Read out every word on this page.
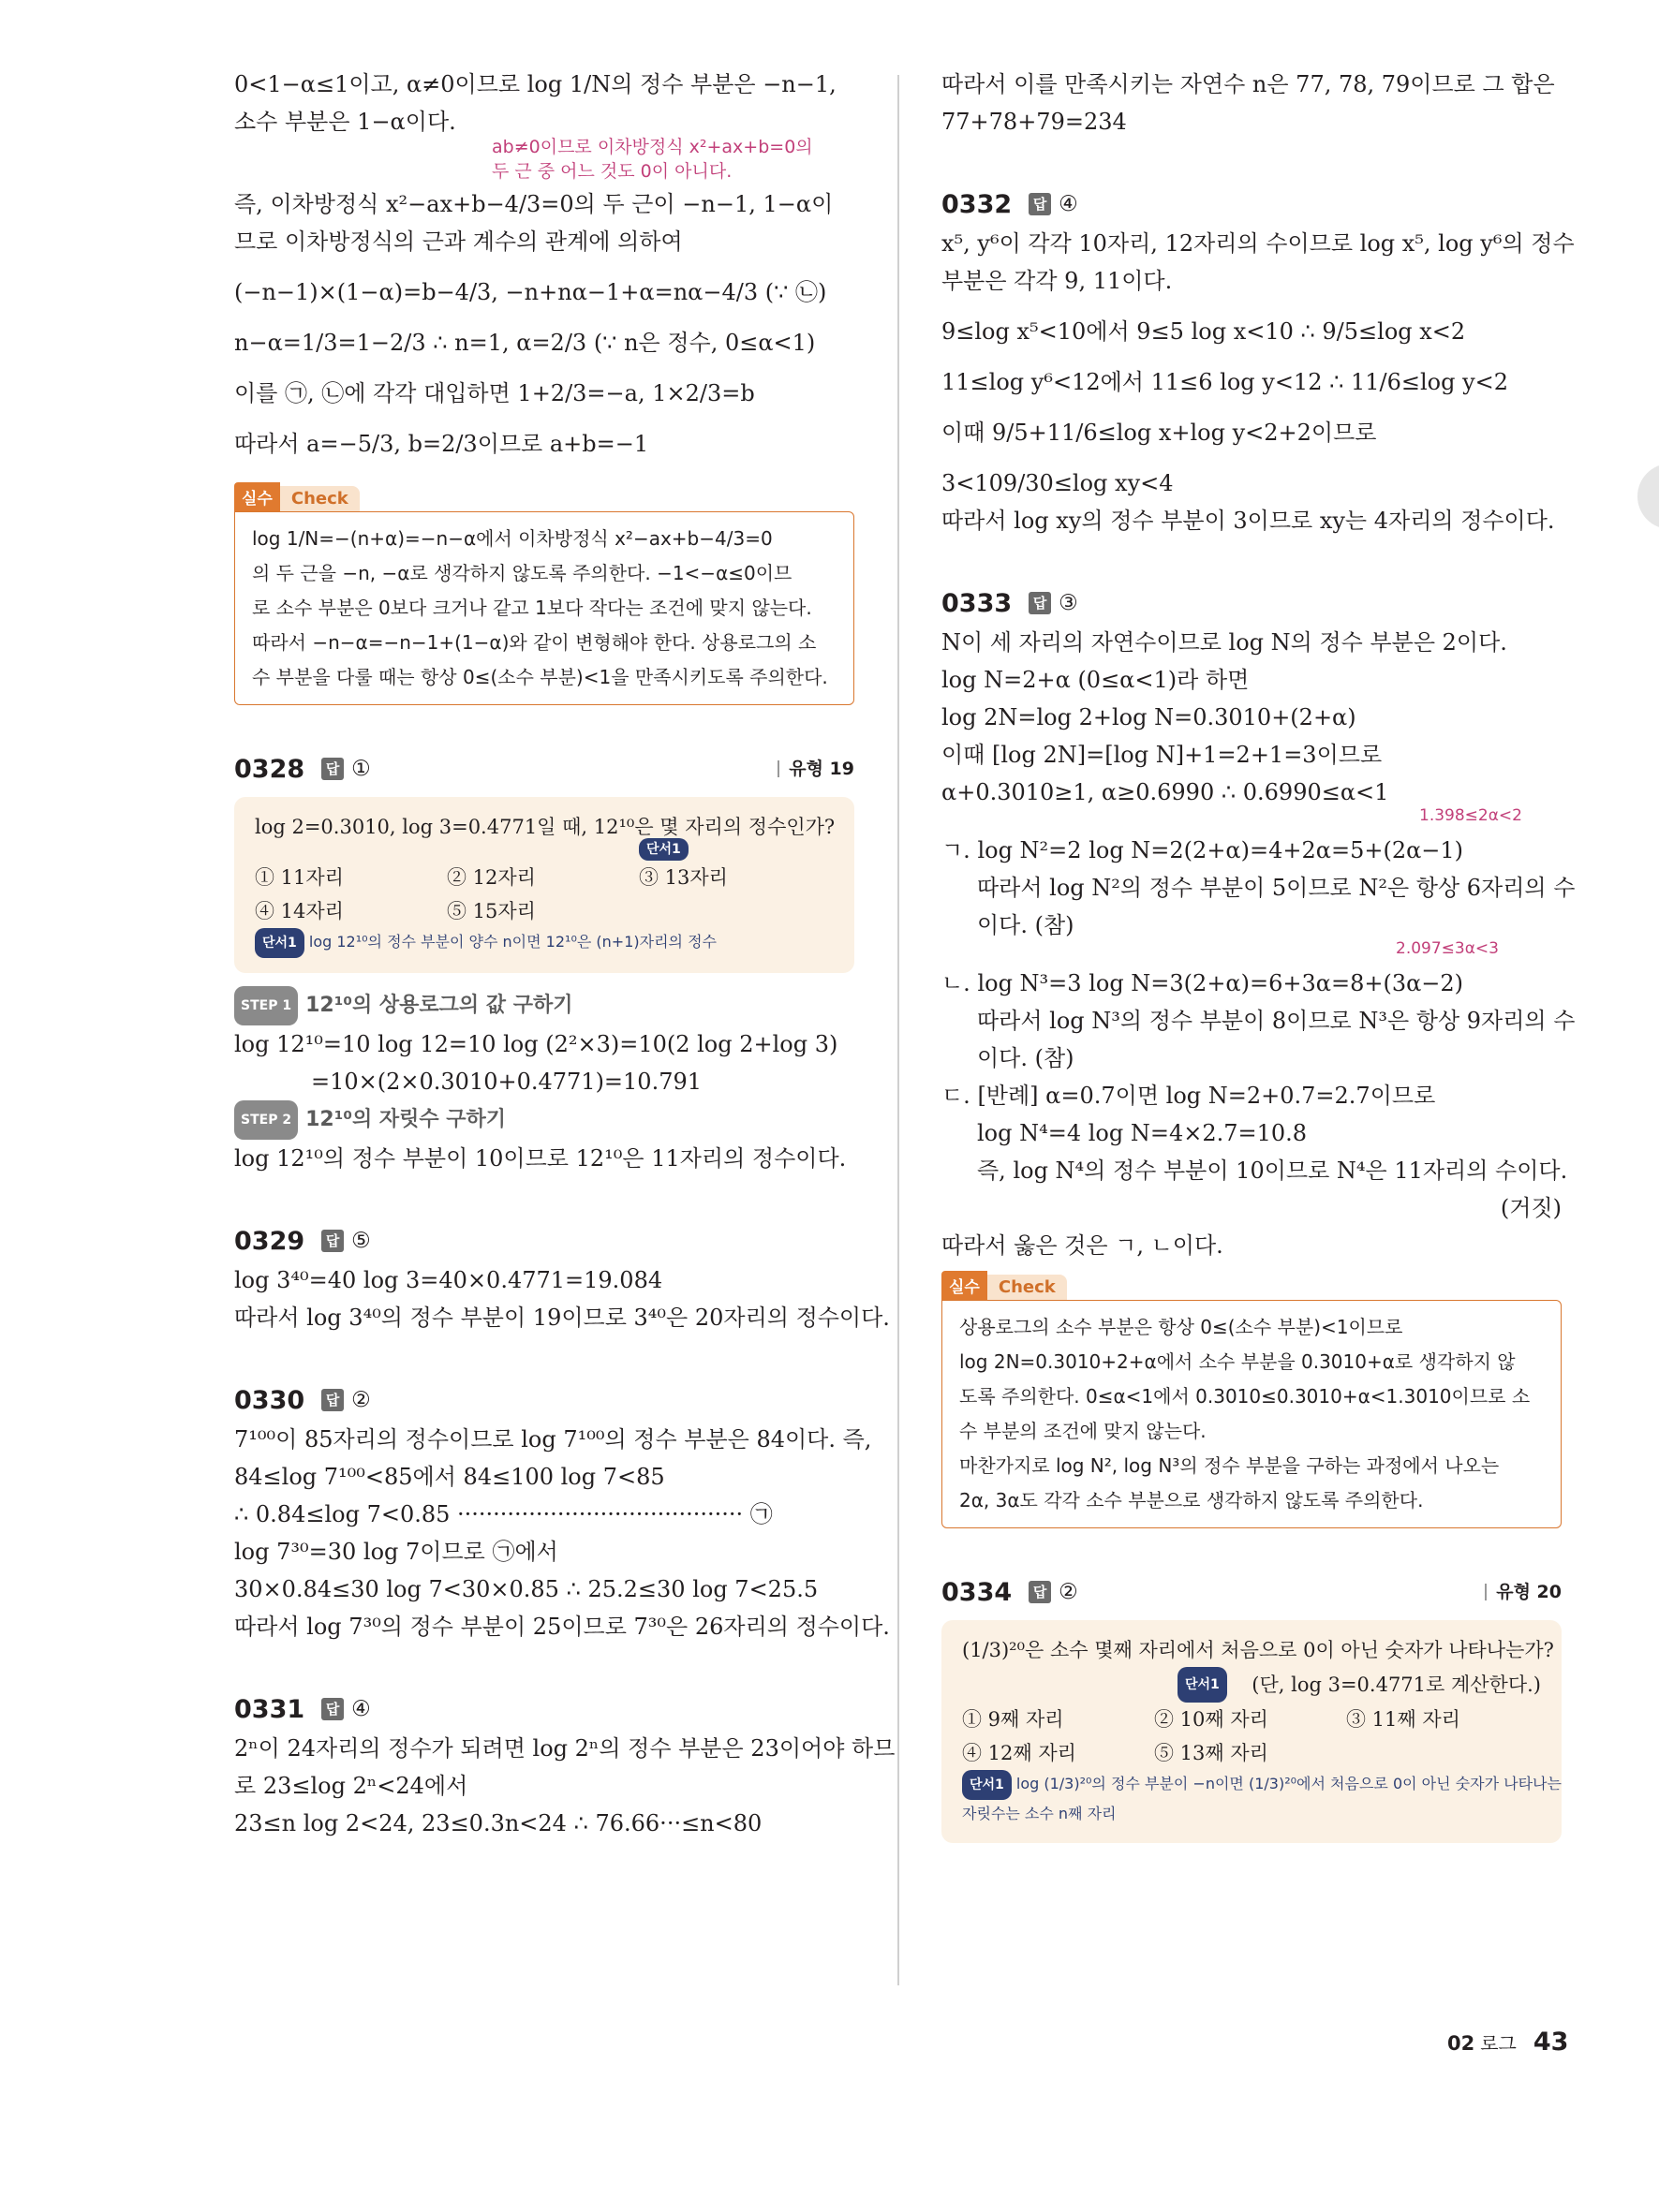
0<1−α≤1이고, α≠0이므로 log 1/N의 정수 부분은 −n−1,

소수 부분은 1−α이다.

ab≠0이므로 이차방정식 x²+ax+b=0의
두 근 중 어느 것도 0이 아니다.

즉, 이차방정식 x²−ax+b−4/3=0의 두 근이 −n−1, 1−α이

므로 이차방정식의 근과 계수의 관계에 의하여

(−n−1)×(1−α)=b−4/3, −n+nα−1+α=nα−4/3 (∵ ㉡)

n−α=1/3=1−2/3 ∴ n=1, α=2/3 (∵ n은 정수, 0≤α<1)

이를 ㉠, ㉡에 각각 대입하면 1+2/3=−a, 1×2/3=b

따라서 a=−5/3, b=2/3이므로 a+b=−1

실수	Check

log 1/N=−(n+α)=−n−α에서 이차방정식 x²−ax+b−4/3=0

의 두 근을 −n, −α로 생각하지 않도록 주의한다. −1<−α≤0이므

로 소수 부분은 0보다 크거나 같고 1보다 작다는 조건에 맞지 않는다.

따라서 −n−α=−n−1+(1−α)와 같이 변형해야 한다. 상용로그의 소

수 부분을 다룰 때는 항상 0≤(소수 부분)<1을 만족시키도록 주의한다.

0328	답 ①	유형 19

log 2=0.3010, log 3=0.4771일 때, 12¹⁰은 몇 자리의 정수인가?

단서1
① 11자리	② 12자리	③ 13자리
④ 14자리	⑤ 15자리
단서1 log 12¹⁰의 정수 부분이 양수 n이면 12¹⁰은 (n+1)자리의 정수
STEP 1 12¹⁰의 상용로그의 값 구하기

log 12¹⁰=10 log 12=10 log (2²×3)=10(2 log 2+log 3)

=10×(2×0.3010+0.4771)=10.791

STEP 2 12¹⁰의 자릿수 구하기

log 12¹⁰의 정수 부분이 10이므로 12¹⁰은 11자리의 정수이다.

0329	답 ⑤

log 3⁴⁰=40 log 3=40×0.4771=19.084

따라서 log 3⁴⁰의 정수 부분이 19이므로 3⁴⁰은 20자리의 정수이다.

0330	답 ②

7¹⁰⁰이 85자리의 정수이므로 log 7¹⁰⁰의 정수 부분은 84이다. 즉,

84≤log 7¹⁰⁰<85에서 84≤100 log 7<85

∴ 0.84≤log 7<0.85 ········································ ㉠

log 7³⁰=30 log 7이므로 ㉠에서

30×0.84≤30 log 7<30×0.85 ∴ 25.2≤30 log 7<25.5

따라서 log 7³⁰의 정수 부분이 25이므로 7³⁰은 26자리의 정수이다.

0331	답 ④

2ⁿ이 24자리의 정수가 되려면 log 2ⁿ의 정수 부분은 23이어야 하므

로 23≤log 2ⁿ<24에서

23≤n log 2<24, 23≤0.3n<24 ∴ 76.66···≤n<80

따라서 이를 만족시키는 자연수 n은 77, 78, 79이므로 그 합은

77+78+79=234

0332	답 ④

x⁵, y⁶이 각각 10자리, 12자리의 수이므로 log x⁵, log y⁶의 정수

부분은 각각 9, 11이다.

9≤log x⁵<10에서 9≤5 log x<10 ∴ 9/5≤log x<2

11≤log y⁶<12에서 11≤6 log y<12 ∴ 11/6≤log y<2

이때 9/5+11/6≤log x+log y<2+2이므로

3<109/30≤log xy<4

따라서 log xy의 정수 부분이 3이므로 xy는 4자리의 정수이다.

0333	답 ③

N이 세 자리의 자연수이므로 log N의 정수 부분은 2이다.

log N=2+α (0≤α<1)라 하면

log 2N=log 2+log N=0.3010+(2+α)

이때 [log 2N]=[log N]+1=2+1=3이므로

α+0.3010≥1, α≥0.6990 ∴ 0.6990≤α<1

1.398≤2α<2

ㄱ. log N²=2 log N=2(2+α)=4+2α=5+(2α−1)

따라서 log N²의 정수 부분이 5이므로 N²은 항상 6자리의 수

이다. (참)

2.097≤3α<3

ㄴ. log N³=3 log N=3(2+α)=6+3α=8+(3α−2)

따라서 log N³의 정수 부분이 8이므로 N³은 항상 9자리의 수

이다. (참)

ㄷ. [반례] α=0.7이면 log N=2+0.7=2.7이므로

log N⁴=4 log N=4×2.7=10.8

즉, log N⁴의 정수 부분이 10이므로 N⁴은 11자리의 수이다.

(거짓)

따라서 옳은 것은 ㄱ, ㄴ이다.

실수	Check

상용로그의 소수 부분은 항상 0≤(소수 부분)<1이므로

log 2N=0.3010+2+α에서 소수 부분을 0.3010+α로 생각하지 않

도록 주의한다. 0≤α<1에서 0.3010≤0.3010+α<1.3010이므로 소

수 부분의 조건에 맞지 않는다.

마찬가지로 log N², log N³의 정수 부분을 구하는 과정에서 나오는

2α, 3α도 각각 소수 부분으로 생각하지 않도록 주의한다.

0334	답 ②	유형 20

(1/3)²⁰은 소수 몇째 자리에서 처음으로 0이 아닌 숫자가 나타나는가?

단서1	(단, log 3=0.4771로 계산한다.)
① 9째 자리	② 10째 자리	③ 11째 자리
④ 12째 자리	⑤ 13째 자리
단서1 log (1/3)²⁰의 정수 부분이 −n이면 (1/3)²⁰에서 처음으로 0이 아닌 숫자가 나타나는
자릿수는 소수 n째 자리
02 로그 43
